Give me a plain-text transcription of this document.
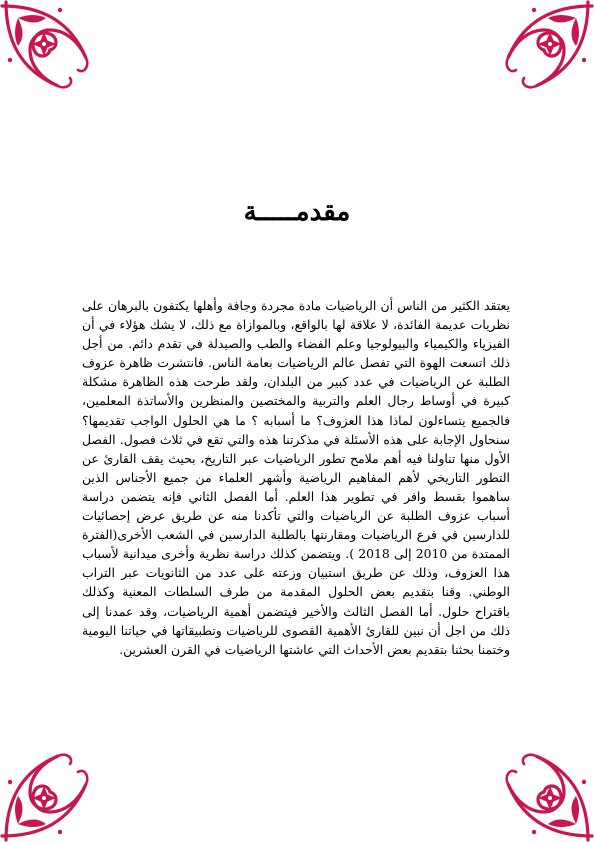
مقدمـــــة

يعتقد الكثير من الناس أن الرياضيات مادة مجردة وجافة وأهلها يكتفون بالبرهان على نظريات عديمة الفائدة، لا علاقة لها بالواقع، وبالموازاة مع ذلك، لا يشك هؤلاء في أن الفيزياء والكيمياء والبيولوجيا وعلم الفضاء والطب والصيدلة في تقدم دائم. من أجل ذلك اتسعت الهوة التي تفصل عالم الرياضيات بعامة الناس. فانتشرت ظاهرة عزوف الطلبة عن الرياضيات في عدد كبير من البلدان، ولقد طرحت هذه الظاهرة مشكلة كبيرة في أوساط رجال العلم والتربية والمختصين والمنظرين والأساتذة المعلمين، فالجميع يتساءلون لماذا هذا العزوف؟ ما أسبابه ؟ ما هي الحلول الواجب تقديمها؟ سنحاول الإجابة على هذه الأسئلة في مذكرتنا هذه والتي تقع في ثلاث فصول. الفصل الأول منها تناولنا فيه أهم ملامح تطور الرياضيات عبر التاريخ، بحيث يقف القارئ عن التطور التاريخي لأهم المفاهيم الرياضية وأشهر العلماء من جميع الأجناس الذين ساهموا بقسط وافر في تطوير هذا العلم. أما الفصل الثاني فإنه يتضمن دراسة أسباب عزوف الطلبة عن الرياضيات والتي تأكدنا منه عن طريق عرض إحصائيات للدارسين في فرع الرياضيات ومقارنتها بالطلبة الدارسين في الشعب الأخرى(الفترة الممتدة من 2010 إلى 2018 ). ويتضمن كذلك دراسة نظرية وأخرى ميدانية لأسباب هذا العزوف، وذلك عن طريق استبيان وزعته على عدد من الثانويات عبر التراب الوطني. وقنا بتقديم بعض الحلول المقدمة من طرف السلطات المعنية وكذلك باقتراح حلول. أما الفصل الثالث والأخير فيتضمن أهمية الرياضيات، وقد عمدنا إلى ذلك من اجل أن نبين للقارئ الأهمية القصوى للرياضيات وتطبيقاتها في حياتنا اليومية وختمنا بحثنا بتقديم بعض الأحداث التي عاشتها الرياضيات في القرن العشرين.
